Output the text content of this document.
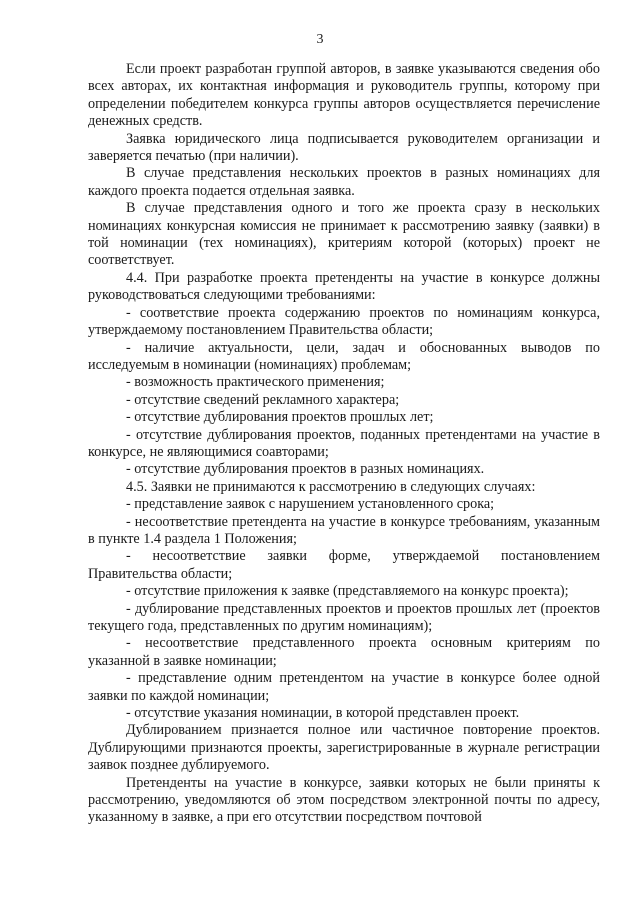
3

Если проект разработан группой авторов, в заявке указываются сведения обо всех авторах, их контактная информация и руководитель группы, которому при определении победителем конкурса группы авторов осуществляется перечисление денежных средств.

Заявка юридического лица подписывается руководителем организации и заверяется печатью (при наличии).

В случае представления нескольких проектов в разных номинациях для каждого проекта подается отдельная заявка.

В случае представления одного и того же проекта сразу в нескольких номинациях конкурсная комиссия не принимает к рассмотрению заявку (заявки) в той номинации (тех номинациях), критериям которой (которых) проект не соответствует.

4.4. При разработке проекта претенденты на участие в конкурсе должны руководствоваться следующими требованиями:

- соответствие проекта содержанию проектов по номинациям конкурса, утверждаемому постановлением Правительства области;

- наличие актуальности, цели, задач и обоснованных выводов по исследуемым в номинации (номинациях) проблемам;

- возможность практического применения;

- отсутствие сведений рекламного характера;

- отсутствие дублирования проектов прошлых лет;

- отсутствие дублирования проектов, поданных претендентами на участие в конкурсе, не являющимися соавторами;

- отсутствие дублирования проектов в разных номинациях.

4.5. Заявки не принимаются к рассмотрению в следующих случаях:

- представление заявок с нарушением установленного срока;

- несоответствие претендента на участие в конкурсе требованиям, указанным в пункте 1.4 раздела 1 Положения;

- несоответствие заявки форме, утверждаемой постановлением Правительства области;

- отсутствие приложения к заявке (представляемого на конкурс проекта);

- дублирование представленных проектов и проектов прошлых лет (проектов текущего года, представленных по другим номинациям);

- несоответствие представленного проекта основным критериям по указанной в заявке номинации;

- представление одним претендентом на участие в конкурсе более одной заявки по каждой номинации;

- отсутствие указания номинации, в которой представлен проект.

Дублированием признается полное или частичное повторение проектов. Дублирующими признаются проекты, зарегистрированные в журнале регистрации заявок позднее дублируемого.

Претенденты на участие в конкурсе, заявки которых не были приняты к рассмотрению, уведомляются об этом посредством электронной почты по адресу, указанному в заявке, а при его отсутствии посредством почтовой
